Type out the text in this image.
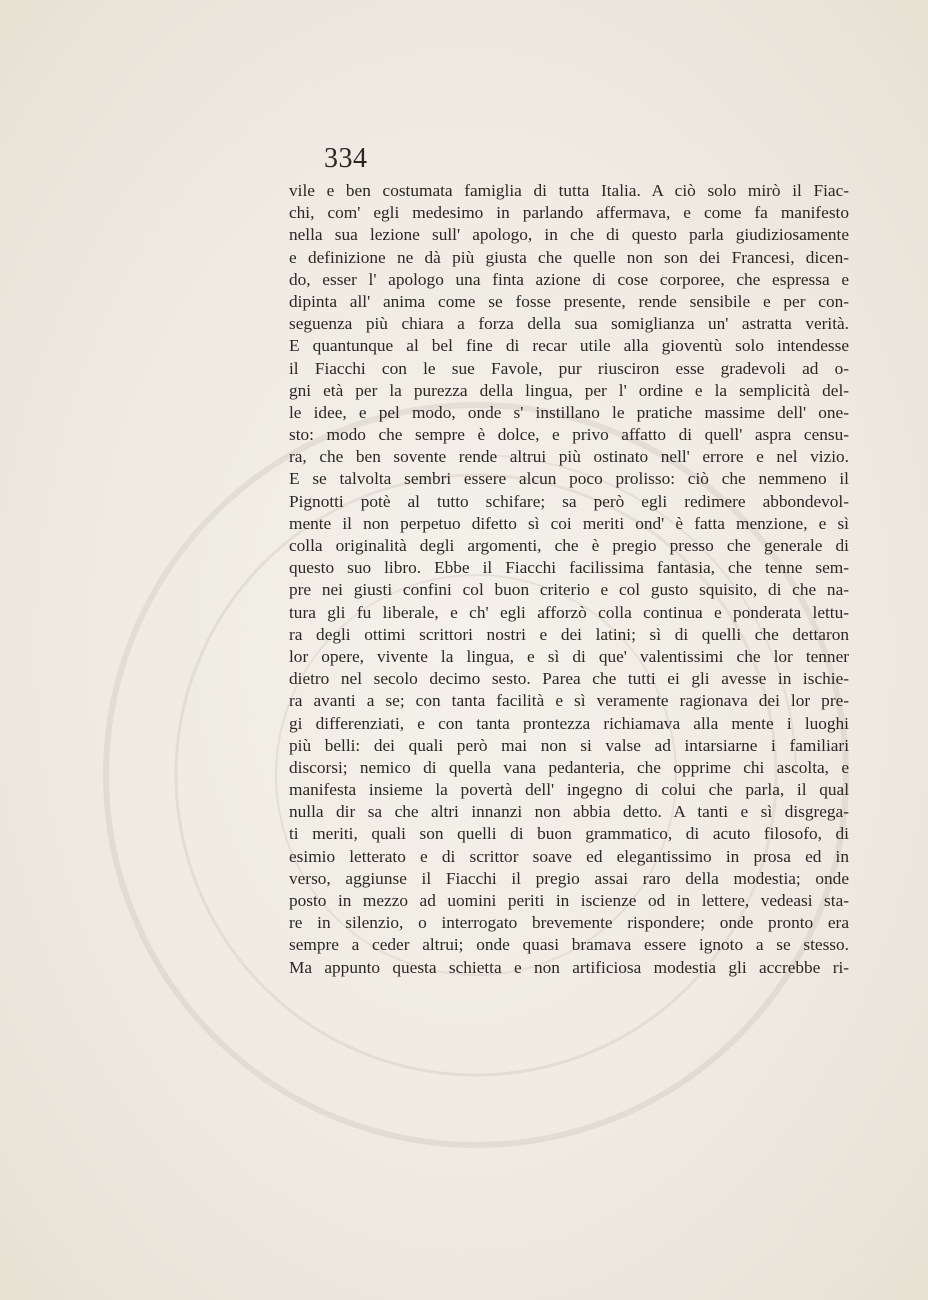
334
vile e ben costumata famiglia di tutta Italia. A ciò solo mirò il Fiac-
chi, com' egli medesimo in parlando affermava, e come fa manifesto
nella sua lezione sull' apologo, in che di questo parla giudiziosamente
e definizione ne dà più giusta che quelle non son dei Francesi, dicen-
do, esser l' apologo una finta azione di cose corporee, che espressa e
dipinta all' anima come se fosse presente, rende sensibile e per con-
seguenza più chiara a forza della sua somiglianza un' astratta verità.
E quantunque al bel fine di recar utile alla gioventù solo intendesse
il Fiacchi con le sue Favole, pur riusciron esse gradevoli ad o-
gni età per la purezza della lingua, per l' ordine e la semplicità del-
le idee, e pel modo, onde s' instillano le pratiche massime dell' one-
sto: modo che sempre è dolce, e privo affatto di quell' aspra censu-
ra, che ben sovente rende altrui più ostinato nell' errore e nel vizio.
E se talvolta sembri essere alcun poco prolisso: ciò che nemmeno il
Pignotti potè al tutto schifare; sa però egli redimere abbondevol-
mente il non perpetuo difetto sì coi meriti ond' è fatta menzione, e sì
colla originalità degli argomenti, che è pregio presso che generale di
questo suo libro. Ebbe il Fiacchi facilissima fantasia, che tenne sem-
pre nei giusti confini col buon criterio e col gusto squisito, di che na-
tura gli fu liberale, e ch' egli afforzò colla continua e ponderata lettu-
ra degli ottimi scrittori nostri e dei latini; sì di quelli che dettaron
lor opere, vivente la lingua, e sì di que' valentissimi che lor tenner
dietro nel secolo decimo sesto. Parea che tutti ei gli avesse in ischie-
ra avanti a se; con tanta facilità e sì veramente ragionava dei lor pre-
gi differenziati, e con tanta prontezza richiamava alla mente i luoghi
più belli: dei quali però mai non si valse ad intarsiarne i familiari
discorsi; nemico di quella vana pedanteria, che opprime chi ascolta, e
manifesta insieme la povertà dell' ingegno di colui che parla, il qual
nulla dir sa che altri innanzi non abbia detto. A tanti e sì disgrega-
ti meriti, quali son quelli di buon grammatico, di acuto filosofo, di
esimio letterato e di scrittor soave ed elegantissimo in prosa ed in
verso, aggiunse il Fiacchi il pregio assai raro della modestia; onde
posto in mezzo ad uomini periti in iscienze od in lettere, vedeasi sta-
re in silenzio, o interrogato brevemente rispondere; onde pronto era
sempre a ceder altrui; onde quasi bramava essere ignoto a se stesso.
Ma appunto questa schietta e non artificiosa modestia gli accrebbe ri-
